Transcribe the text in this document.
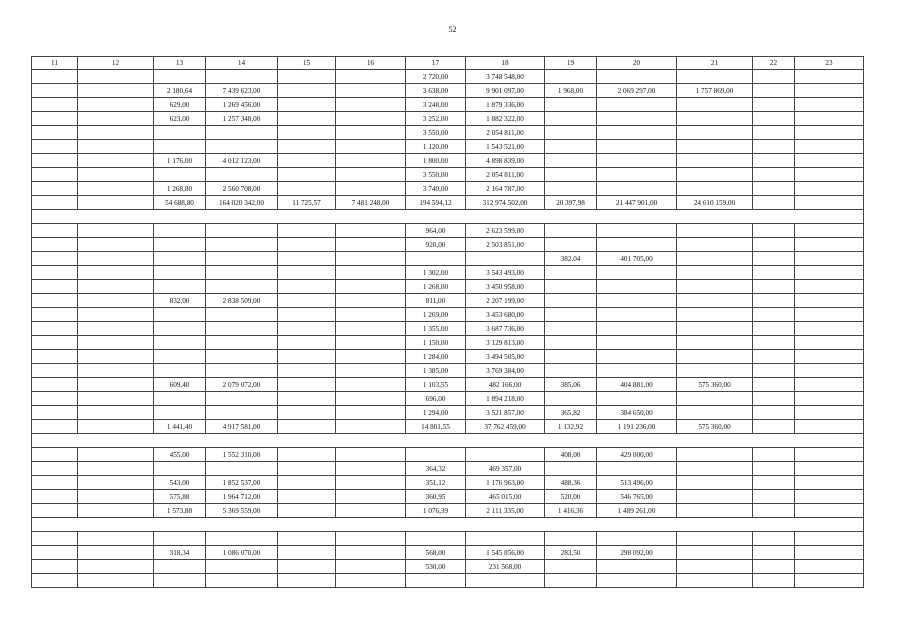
52
11	12	13	14	15	16	17	18	19	20	21	22	23
						2 720,00	3 748 548,00					
		2 180,64	7 439 623,00			3 638,00	9 901 097,00	1 968,00	2 069 297,00	1 757 869,00		
		629,00	1 269 456,00			3 248,00	1 879 336,00					
		623,00	1 257 348,00			3 252,00	1 882 322,00					
						3 550,00	2 054 811,00					
						1 120,00	1 543 521,00					
		1 176,00	4 012 123,00			1 800,00	4 898 839,00					
						3 550,00	2 054 811,00					
		1 268,80	2 560 708,00			3 740,00	2 164 787,00					
		54 688,80	164 020 342,00	11 725,57	7 481 248,00	194 594,12	312 974 502,00	20 397,98	21 447 901,00	24 610 159,00		

						964,00	2 623 599,00					
						920,00	2 503 851,00					
								382,04	401 705,00			
						1 302,00	3 543 493,00					
						1 268,00	3 450 958,00					
		832,00	2 838 509,00			811,00	2 207 199,00					
						1 269,00	3 453 680,00					
						1 355,00	3 687 736,00					
						1 150,00	3 129 813,00					
						1 284,00	3 494 505,00					
						1 385,00	3 769 384,00					
		609,40	2 079 072,00			1 103,55	482 166,00	385,06	404 881,00	575 360,00		
						696,00	1 894 218,00					
						1 294,00	3 521 857,00	365,82	384 650,00			
		1 441,40	4 917 581,00			14 801,55	37 762 459,00	1 132,92	1 191 236,00	575 360,00		

		455,00	1 552 310,00					408,00	429 000,00			
						364,32	469 357,00					
		543,00	1 852 537,00			351,12	1 176 963,00	488,36	513 496,00			
		575,88	1 964 712,00			360,95	465 015,00	520,00	546 765,00			
		1 573,88	5 369 559,00			1 076,39	2 111 335,00	1 416,36	1 489 261,00			

		318,34	1 086 070,00			568,00	1 545 856,00	283,50	298 092,00			
						530,00	231 568,00					
